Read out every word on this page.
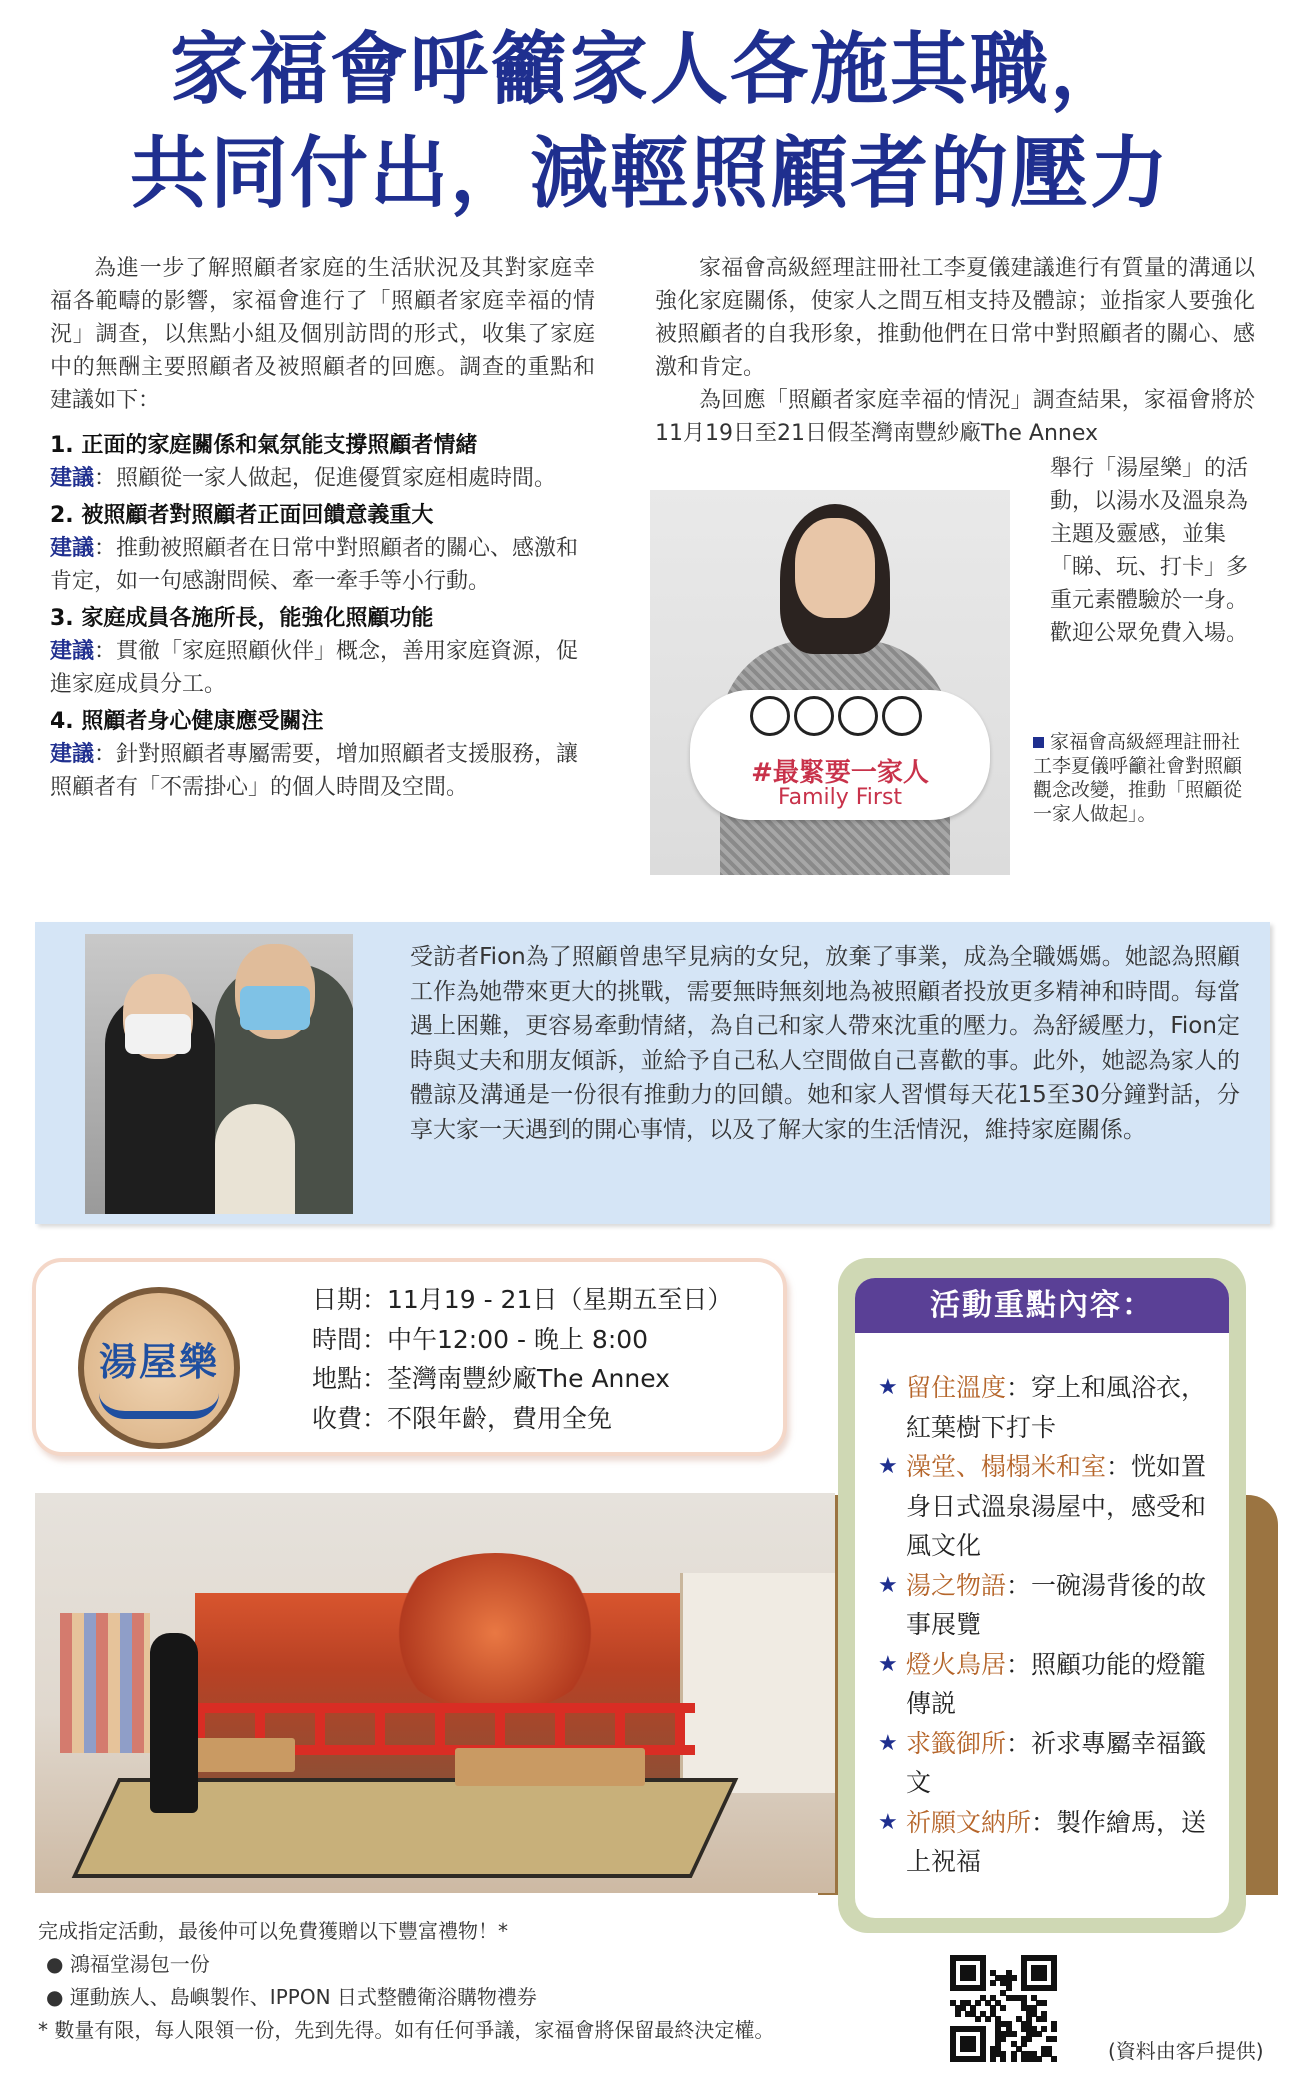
家福會呼籲家人各施其職，
共同付出，減輕照顧者的壓力

為進一步了解照顧者家庭的生活狀況及其對家庭幸福各範疇的影響，家福會進行了「照顧者家庭幸福的情況」調查，以焦點小組及個別訪問的形式，收集了家庭中的無酬主要照顧者及被照顧者的回應。調查的重點和建議如下：

1. 正面的家庭關係和氣氛能支撐照顧者情緒
建議：照顧從一家人做起，促進優質家庭相處時間。
2. 被照顧者對照顧者正面回饋意義重大
建議：推動被照顧者在日常中對照顧者的關心、感激和肯定，如一句感謝問候、牽一牽手等小行動。
3. 家庭成員各施所長，能強化照顧功能
建議：貫徹「家庭照顧伙伴」概念，善用家庭資源，促進家庭成員分工。
4. 照顧者身心健康應受關注
建議：針對照顧者專屬需要，增加照顧者支援服務，讓照顧者有「不需掛心」的個人時間及空間。

家福會高級經理註冊社工李夏儀建議進行有質量的溝通以強化家庭關係，使家人之間互相支持及體諒；並指家人要強化被照顧者的自我形象，推動他們在日常中對照顧者的關心、感激和肯定。

為回應「照顧者家庭幸福的情況」調查結果，家福會將於11月19日至21日假荃灣南豐紗廠The Annex

#最緊要一家人
Family First
舉行「湯屋樂」的活動，以湯水及溫泉為主題及靈感，並集「睇、玩、打卡」多重元素體驗於一身。歡迎公眾免費入場。
家福會高級經理註冊社工李夏儀呼籲社會對照顧觀念改變，推動「照顧從一家人做起」。

受訪者Fion為了照顧曾患罕見病的女兒，放棄了事業，成為全職媽媽。她認為照顧工作為她帶來更大的挑戰，需要無時無刻地為被照顧者投放更多精神和時間。每當遇上困難，更容易牽動情緒，為自己和家人帶來沈重的壓力。為舒緩壓力，Fion定時與丈夫和朋友傾訴，並給予自己私人空間做自己喜歡的事。此外，她認為家人的體諒及溝通是一份很有推動力的回饋。她和家人習慣每天花15至30分鐘對話，分享大家一天遇到的開心事情，以及了解大家的生活情況，維持家庭關係。

湯屋樂
日期：11月19 - 21日（星期五至日）
時間：中午12:00 - 晚上 8:00
地點：荃灣南豐紗廠The Annex
收費：不限年齡，費用全免
活動重點內容：
★ 留住溫度：穿上和風浴衣，紅葉樹下打卡
★ 澡堂、榻榻米和室：恍如置身日式溫泉湯屋中，感受和風文化
★ 湯之物語：一碗湯背後的故事展覽
★ 燈火鳥居：照顧功能的燈籠傳説
★ 求籤御所：祈求專屬幸福籤文
★ 祈願文納所：製作繪馬，送上祝福
完成指定活動，最後仲可以免費獲贈以下豐富禮物！*
● 鴻福堂湯包一份
● 運動族人、島嶼製作、IPPON 日式整體衛浴購物禮券
* 數量有限，每人限領一份，先到先得。如有任何爭議，家福會將保留最終決定權。
(資料由客戶提供)
